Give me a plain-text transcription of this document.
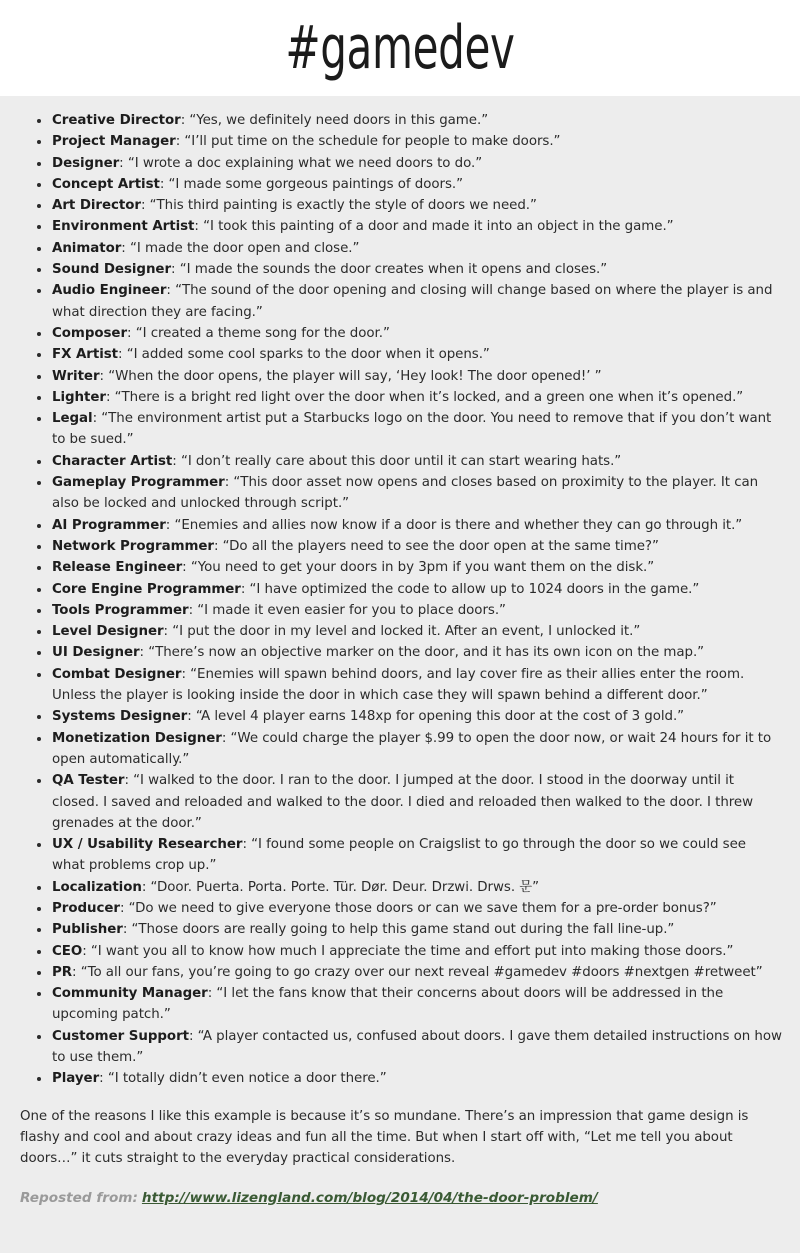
#gamedev
Creative Director: “Yes, we definitely need doors in this game.”
Project Manager: “I’ll put time on the schedule for people to make doors.”
Designer: “I wrote a doc explaining what we need doors to do.”
Concept Artist: “I made some gorgeous paintings of doors.”
Art Director: “This third painting is exactly the style of doors we need.”
Environment Artist: “I took this painting of a door and made it into an object in the game.”
Animator: “I made the door open and close.”
Sound Designer: “I made the sounds the door creates when it opens and closes.”
Audio Engineer: “The sound of the door opening and closing will change based on where the player is and what direction they are facing.”
Composer: “I created a theme song for the door.”
FX Artist: “I added some cool sparks to the door when it opens.”
Writer: “When the door opens, the player will say, ‘Hey look! The door opened!’ ”
Lighter: “There is a bright red light over the door when it’s locked, and a green one when it’s opened.”
Legal: “The environment artist put a Starbucks logo on the door. You need to remove that if you don’t want to be sued.”
Character Artist: “I don’t really care about this door until it can start wearing hats.”
Gameplay Programmer: “This door asset now opens and closes based on proximity to the player. It can also be locked and unlocked through script.”
AI Programmer: “Enemies and allies now know if a door is there and whether they can go through it.”
Network Programmer: “Do all the players need to see the door open at the same time?”
Release Engineer: “You need to get your doors in by 3pm if you want them on the disk.”
Core Engine Programmer: “I have optimized the code to allow up to 1024 doors in the game.”
Tools Programmer: “I made it even easier for you to place doors.”
Level Designer: “I put the door in my level and locked it. After an event, I unlocked it.”
UI Designer: “There’s now an objective marker on the door, and it has its own icon on the map.”
Combat Designer: “Enemies will spawn behind doors, and lay cover fire as their allies enter the room. Unless the player is looking inside the door in which case they will spawn behind a different door.”
Systems Designer: “A level 4 player earns 148xp for opening this door at the cost of 3 gold.”
Monetization Designer: “We could charge the player $.99 to open the door now, or wait 24 hours for it to open automatically.”
QA Tester: “I walked to the door. I ran to the door. I jumped at the door. I stood in the doorway until it closed. I saved and reloaded and walked to the door. I died and reloaded then walked to the door. I threw grenades at the door.”
UX / Usability Researcher: “I found some people on Craigslist to go through the door so we could see what problems crop up.”
Localization: “Door. Puerta. Porta. Porte. Tür. Dør. Deur. Drzwi. Drws. 문”
Producer: “Do we need to give everyone those doors or can we save them for a pre-order bonus?”
Publisher: “Those doors are really going to help this game stand out during the fall line-up.”
CEO: “I want you all to know how much I appreciate the time and effort put into making those doors.”
PR: “To all our fans, you’re going to go crazy over our next reveal #gamedev #doors #nextgen #retweet”
Community Manager: “I let the fans know that their concerns about doors will be addressed in the upcoming patch.”
Customer Support: “A player contacted us, confused about doors. I gave them detailed instructions on how to use them.”
Player: “I totally didn’t even notice a door there.”

One of the reasons I like this example is because it’s so mundane. There’s an impression that game design is flashy and cool and about crazy ideas and fun all the time. But when I start off with, “Let me tell you about doors…” it cuts straight to the everyday practical considerations.

Reposted from: http://www.lizengland.com/blog/2014/04/the-door-problem/
